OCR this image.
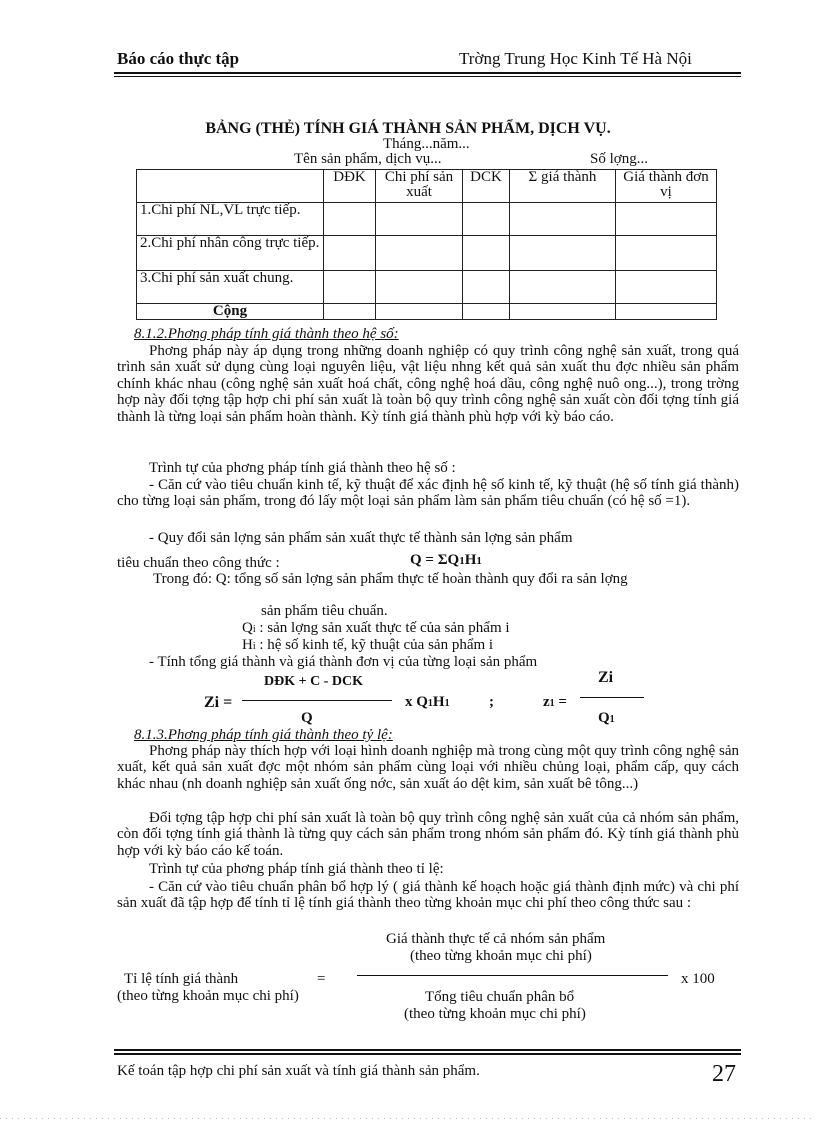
Báo cáo thực tập	Trờng Trung Học Kinh Tế Hà Nội
BẢNG (THẺ) TÍNH GIÁ THÀNH SẢN PHẨM, DỊCH VỤ.
Tháng...năm...
Tên sản phẩm, dịch vụ...	Số lợng...
	DĐK	Chi phí sản xuất	DCK	Σ giá thành	Giá thành đơn vị
1.Chi phí NL,VL trực tiếp.					
2.Chi phí nhân công trực tiếp.					
3.Chi phí sản xuất chung.					
Cộng					
8.1.2.Phơng pháp tính giá thành theo hệ số:
Phơng pháp này áp dụng trong những doanh nghiệp có quy trình công nghệ sản xuất, trong quá trình sản xuất sử dụng cùng loại nguyên liệu, vật liệu nhng kết quả sản xuất thu đợc nhiều sản phẩm chính khác nhau (công nghệ sản xuất hoá chất, công nghệ hoá dầu, công nghệ nuô ong...), trong trờng hợp này đối tợng tập hợp chi phí sản xuất là toàn bộ quy trình công nghệ sản xuất còn đối tợng tính giá thành là từng loại sản phẩm hoàn thành. Kỳ tính giá thành phù hợp với kỳ báo cáo.
Trình tự của phơng pháp tính giá thành theo hệ số :
- Căn cứ vào tiêu chuẩn kinh tế, kỹ thuật để xác định hệ số kinh tế, kỹ thuật (hệ số tính giá thành) cho từng loại sản phẩm, trong đó lấy một loại sản phẩm làm sản phẩm tiêu chuẩn (có hệ số =1).
- Quy đổi sản lợng sản phẩm sản xuất thực tế thành sản lợng sản phẩm
tiêu chuẩn theo công thức :	Q = ΣQ1H1
Trong đó: Q: tổng số sản lợng sản phẩm thực tế hoàn thành quy đổi ra sản lợng
sản phẩm tiêu chuẩn.
Qi : sản lợng sản xuất thực tế của sản phẩm i
Hi : hệ số kinh tế, kỹ thuật của sản phẩm i
- Tính tổng giá thành và giá thành đơn vị của từng loại sản phẩm
Zi =
DĐK + C - DCK
Q
x Q1H1	;	z1 =
Zi
Q1
8.1.3.Phơng pháp tính giá thành theo tỷ lệ:
Phơng pháp này thích hợp với loại hình doanh nghiệp mà trong cùng một quy trình công nghệ sản xuất, kết quả sản xuất đợc một nhóm sản phẩm cùng loại với nhiều chủng loại, phẩm cấp, quy cách khác nhau (nh doanh nghiệp sản xuất ống nớc, sản xuất áo dệt kim, sản xuất bê tông...)
Đối tợng tập hợp chi phí sản xuất là toàn bộ quy trình công nghệ sản xuất của cả nhóm sản phẩm, còn đối tợng tính giá thành là từng quy cách sản phẩm trong nhóm sản phẩm đó. Kỳ tính giá thành phù hợp với kỳ báo cáo kế toán.
Trình tự của phơng pháp tính giá thành theo tỉ lệ:
- Căn cứ vào tiêu chuẩn phân bổ hợp lý ( giá thành kế hoạch hoặc giá thành định mức) và chi phí sản xuất đã tập hợp để tính tỉ lệ tính giá thành theo từng khoản mục chi phí theo công thức sau :
Giá thành thực tế cả nhóm sản phẩm
(theo từng khoản mục chi phí)
Tỉ lệ tính giá thành	=
(theo từng khoản mục chi phí)
x 100
Tổng tiêu chuẩn phân bổ
(theo từng khoản mục chi phí)
Kế toán tập hợp chi phí sản xuất và tính giá thành sản phẩm.	27
